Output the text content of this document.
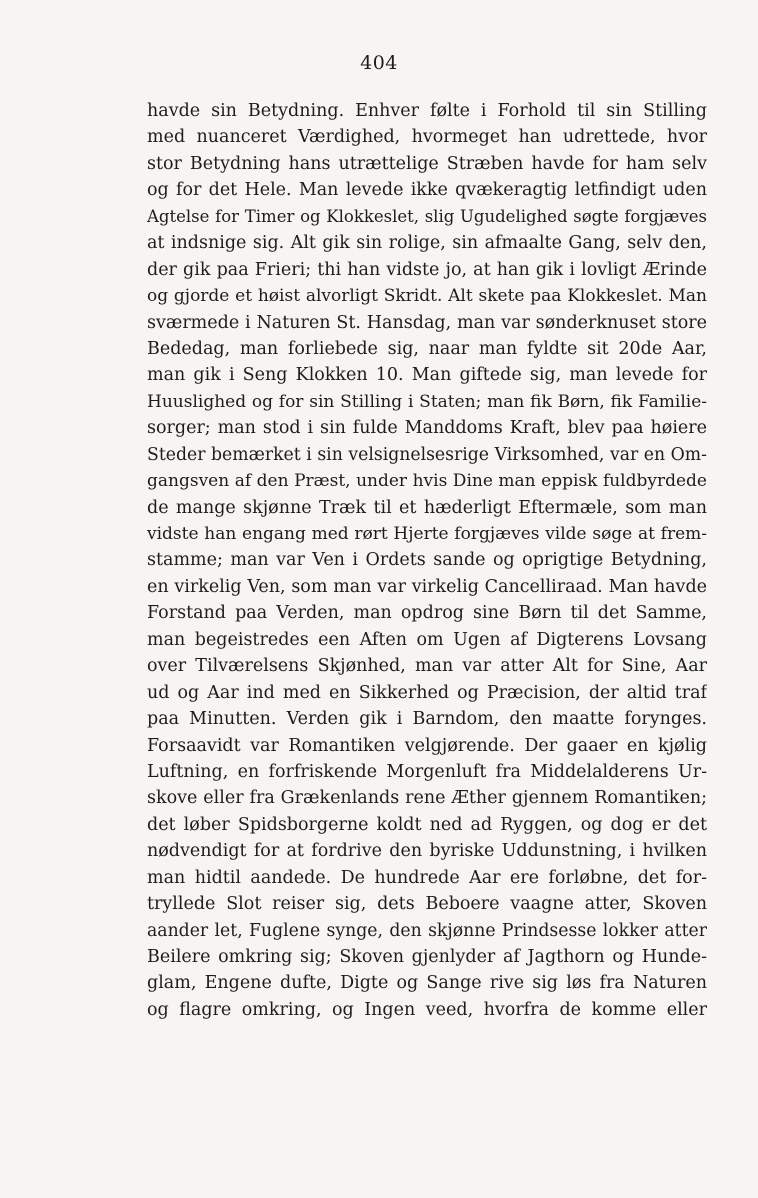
404
havde sin Betydning. Enhver følte i Forhold til sin Stilling
med nuanceret Værdighed, hvormeget han udrettede, hvor
stor Betydning hans utrættelige Stræben havde for ham selv
og for det Hele. Man levede ikke qvækeragtig letfindigt uden
Agtelse for Timer og Klokkeslet, slig Ugudelighed søgte forgjæves
at indsnige sig. Alt gik sin rolige, sin afmaalte Gang, selv den,
der gik paa Frieri; thi han vidste jo, at han gik i lovligt Ærinde
og gjorde et høist alvorligt Skridt. Alt skete paa Klokkeslet. Man
sværmede i Naturen St. Hansdag, man var sønderknuset store
Bededag, man forliebede sig, naar man fyldte sit 20de Aar,
man gik i Seng Klokken 10. Man giftede sig, man levede for
Huuslighed og for sin Stilling i Staten; man fik Børn, fik Familie-
sorger; man stod i sin fulde Manddoms Kraft, blev paa høiere
Steder bemærket i sin velsignelsesrige Virksomhed, var en Om-
gangsven af den Præst, under hvis Dine man eppisk fuldbyrdede
de mange skjønne Træk til et hæderligt Eftermæle, som man
vidste han engang med rørt Hjerte forgjæves vilde søge at frem-
stamme; man var Ven i Ordets sande og oprigtige Betydning,
en virkelig Ven, som man var virkelig Cancelliraad. Man havde
Forstand paa Verden, man opdrog sine Børn til det Samme,
man begeistredes een Aften om Ugen af Digterens Lovsang
over Tilværelsens Skjønhed, man var atter Alt for Sine, Aar
ud og Aar ind med en Sikkerhed og Præcision, der altid traf
paa Minutten. Verden gik i Barndom, den maatte foryngеs.
Forsaavidt var Romantiken velgjørende. Der gaaer en kjølig
Luftning, en forfriskende Morgenluft fra Middelalderens Ur-
skove eller fra Grækenlands rene Æther gjennem Romantiken;
det løber Spidsborgerne koldt ned ad Ryggen, og dog er det
nødvendigt for at fordrive den byriske Uddunstning, i hvilken
man hidtil aandede. De hundrede Aar ere forløbne, det for-
tryllede Slot reiser sig, dets Beboere vaagne atter, Skoven
aander let, Fuglene synge, den skjønne Prindsesse lokker atter
Beilere omkring sig; Skoven gjenlyder af Jagthorn og Hunde-
glam, Engene dufte, Digte og Sange rive sig løs fra Naturen
og flagre omkring, og Ingen veed, hvorfra de komme eller
